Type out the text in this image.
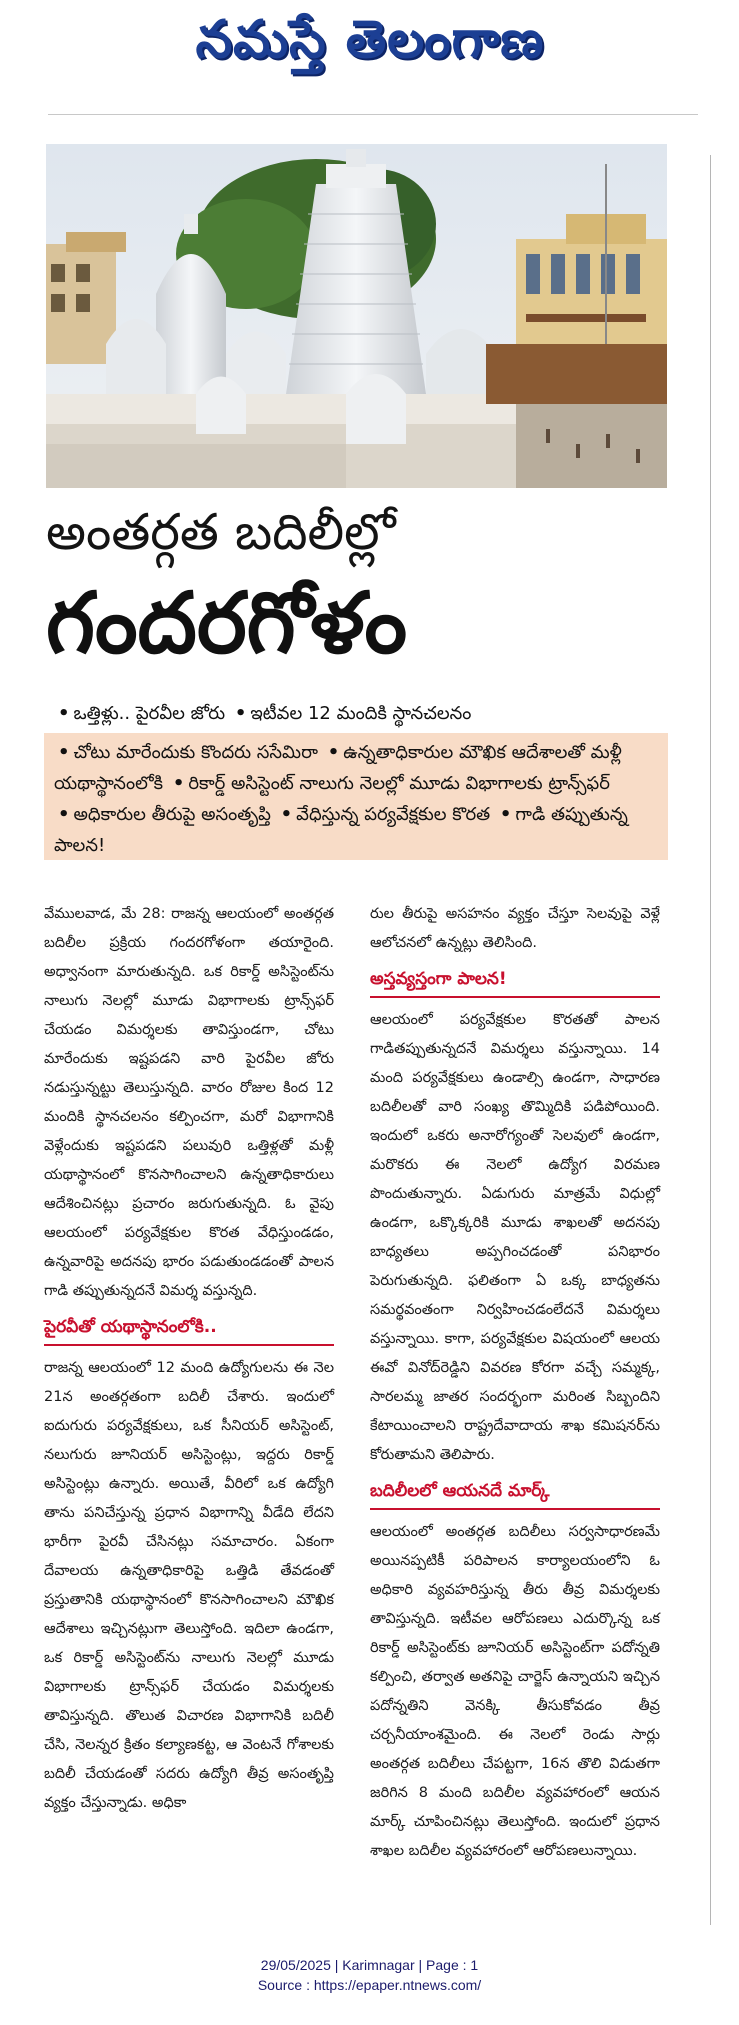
నమస్తే తెలంగాణ
అంతర్గత బదిలీల్లో
గందరగోళం
• ఒత్తిళ్లు.. పైరవీల జోరు • ఇటీవల 12 మందికి స్థానచలనం
• చోటు మారేందుకు కొందరు ససేమిరా • ఉన్నతాధికారుల మౌఖిక ఆదేశాలతో మళ్లీ యథాస్థానంలోకి • రికార్డ్‌ అసిస్టెంట్‌ నాలుగు నెలల్లో మూడు విభాగాలకు ట్రాన్స్‌ఫర్‌ • అధికారుల తీరుపై అసంతృప్తి • వేధిస్తున్న పర్యవేక్షకుల కొరత • గాడి తప్పుతున్న పాలన!

వేములవాడ, మే 28: రాజన్న ఆలయంలో అంతర్గత బదిలీల ప్రక్రియ గందరగోళంగా తయారైంది. అధ్వానంగా మారుతున్నది. ఒక రికార్డ్‌ అసిస్టెంట్‌ను నాలుగు నెలల్లో మూడు విభాగాలకు ట్రాన్స్‌ఫర్‌ చేయడం విమర్శలకు తావిస్తుండగా, చోటు మారేందుకు ఇష్టపడని వారి పైరవీల జోరు నడుస్తున్నట్టు తెలుస్తున్నది. వారం రోజుల కింద 12 మందికి స్థానచలనం కల్పించగా, మరో విభాగానికి వెళ్లేందుకు ఇష్టపడని పలువురి ఒత్తిళ్లతో మళ్లీ యథాస్థానంలో కొనసాగించాలని ఉన్నతాధికారులు ఆదేశించినట్లు ప్రచారం జరుగుతున్నది. ఓ వైపు ఆలయంలో పర్యవేక్షకుల కొరత వేధిస్తుండడం, ఉన్నవారిపై అదనపు భారం పడుతుండడంతో పాలన గాడి తప్పుతున్నదనే విమర్శ వస్తున్నది.

పైరవీతో యథాస్థానంలోకి..

రాజన్న ఆలయంలో 12 మంది ఉద్యోగులను ఈ నెల 21న అంతర్గతంగా బదిలీ చేశారు. ఇందులో ఐదుగురు పర్యవేక్షకులు, ఒక సీనియర్‌ అసిస్టెంట్‌, నలుగురు జూనియర్‌ అసిస్టెంట్లు, ఇద్దరు రికార్డ్‌ అసిస్టెంట్లు ఉన్నారు. అయితే, వీరిలో ఒక ఉద్యోగి తాను పనిచేస్తున్న ప్రధాన విభాగాన్ని వీడేది లేదని భారీగా పైరవీ చేసినట్లు సమాచారం. ఏకంగా దేవాలయ ఉన్నతాధికారిపై ఒత్తిడి తేవడంతో ప్రస్తుతానికి యథాస్థానంలో కొనసాగించాలని మౌఖిక ఆదేశాలు ఇచ్చినట్లుగా తెలుస్తోంది. ఇదిలా ఉండగా, ఒక రికార్డ్‌ అసిస్టెంట్‌ను నాలుగు నెలల్లో మూడు విభాగాలకు ట్రాన్స్‌ఫర్‌ చేయడం విమర్శలకు తావిస్తున్నది. తొలుత విచారణ విభాగానికి బదిలీ చేసి, నెలన్నర క్రితం కల్యాణకట్ట, ఆ వెంటనే గోశాలకు బదిలీ చేయడంతో సదరు ఉద్యోగి తీవ్ర అసంతృప్తి వ్యక్తం చేస్తున్నాడు. అధికా

రుల తీరుపై అసహనం వ్యక్తం చేస్తూ సెలవుపై వెళ్లే ఆలోచనలో ఉన్నట్లు తెలిసింది.

అస్తవ్యస్తంగా పాలన!

ఆలయంలో పర్యవేక్షకుల కొరతతో పాలన గాడితప్పుతున్నదనే విమర్శలు వస్తున్నాయి. 14 మంది పర్యవేక్షకులు ఉండాల్సి ఉండగా, సాధారణ బదిలీలతో వారి సంఖ్య తొమ్మిదికి పడిపోయింది. ఇందులో ఒకరు అనారోగ్యంతో సెలవులో ఉండగా, మరొకరు ఈ నెలలో ఉద్యోగ విరమణ పొందుతున్నారు. ఏడుగురు మాత్రమే విధుల్లో ఉండగా, ఒక్కొక్కరికి మూడు శాఖలతో అదనపు బాధ్యతలు అప్పగించడంతో పనిభారం పెరుగుతున్నది. ఫలితంగా ఏ ఒక్క బాధ్యతను సమర్థవంతంగా నిర్వహించడంలేదనే విమర్శలు వస్తున్నాయి. కాగా, పర్యవేక్షకుల విషయంలో ఆలయ ఈవో వినోద్‌రెడ్డిని వివరణ కోరగా వచ్చే సమ్మక్క, సారలమ్మ జాతర సందర్భంగా మరింత సిబ్బందిని కేటాయించాలని రాష్ట్రదేవాదాయ శాఖ కమిషనర్‌ను కోరుతామని తెలిపారు.

బదిలీలలో ఆయనదే మార్క్‌

ఆలయంలో అంతర్గత బదిలీలు సర్వసాధారణమే అయినప్పటికీ పరిపాలన కార్యాలయంలోని ఓ అధికారి వ్యవహరిస్తున్న తీరు తీవ్ర విమర్శలకు తావిస్తున్నది. ఇటీవల ఆరోపణలు ఎదుర్కొన్న ఒక రికార్డ్‌ అసిస్టెంట్‌కు జూనియర్‌ అసిస్టెంట్‌గా పదోన్నతి కల్పించి, తర్వాత అతనిపై చార్జెస్‌ ఉన్నాయని ఇచ్చిన పదోన్నతిని వెనక్కి తీసుకోవడం తీవ్ర చర్చనీయాంశమైంది. ఈ నెలలో రెండు సార్లు అంతర్గత బదిలీలు చేపట్టగా, 16న తొలి విడుతగా జరిగిన 8 మంది బదిలీల వ్యవహారంలో ఆయన మార్క్‌ చూపించినట్లు తెలుస్తోంది. ఇందులో ప్రధాన శాఖల బదిలీల వ్యవహారంలో ఆరోపణలున్నాయి.

29/05/2025 | Karimnagar | Page : 1
Source : https://epaper.ntnews.com/
